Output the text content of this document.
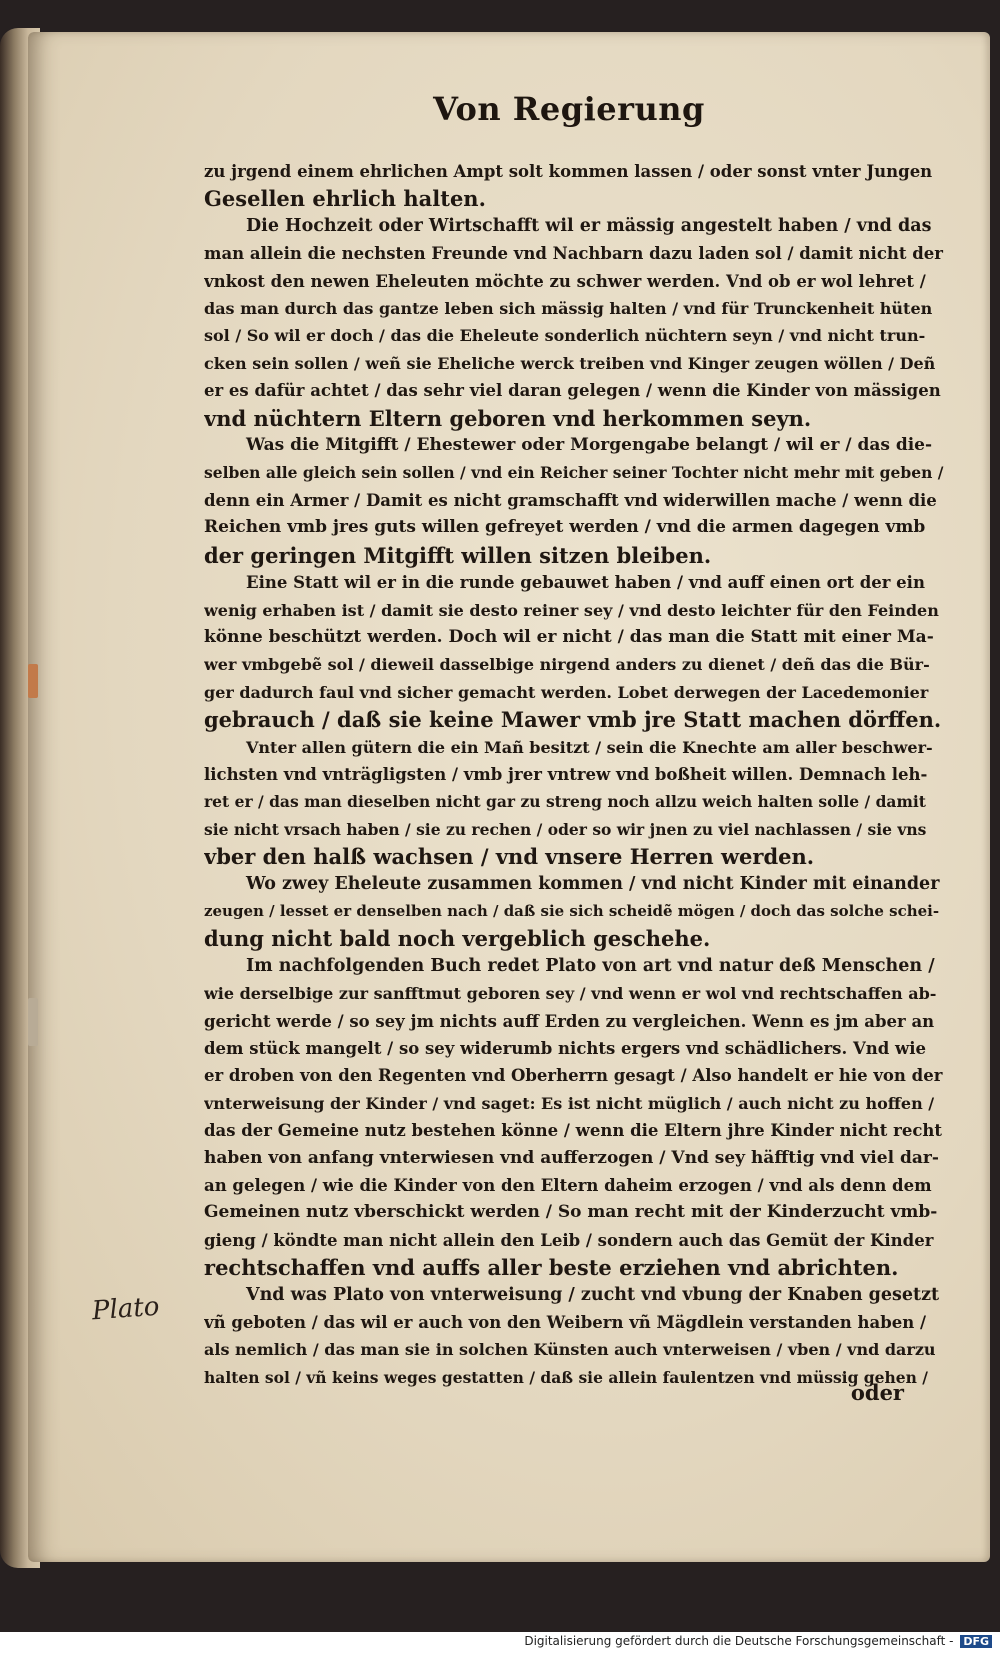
Von Regierung
zu jrgend einem ehrlichen Ampt solt kommen lassen / oder sonst vnter Jungen
Gesellen ehrlich halten.
Die Hochzeit oder Wirtschafft wil er mässig angestelt haben / vnd das
man allein die nechsten Freunde vnd Nachbarn dazu laden sol / damit nicht der
vnkost den newen Eheleuten möchte zu schwer werden. Vnd ob er wol lehret /
das man durch das gantze leben sich mässig halten / vnd für Trunckenheit hüten
sol / So wil er doch / das die Eheleute sonderlich nüchtern seyn / vnd nicht trun-
cken sein sollen / weñ sie Eheliche werck treiben vnd Kinger zeugen wöllen / Deñ
er es dafür achtet / das sehr viel daran gelegen / wenn die Kinder von mässigen
vnd nüchtern Eltern geboren vnd herkommen seyn.
Was die Mitgifft / Ehestewer oder Morgengabe belangt / wil er / das die-
selben alle gleich sein sollen / vnd ein Reicher seiner Tochter nicht mehr mit geben /
denn ein Armer / Damit es nicht gramschafft vnd widerwillen mache / wenn die
Reichen vmb jres guts willen gefreyet werden / vnd die armen dagegen vmb
der geringen Mitgifft willen sitzen bleiben.
Eine Statt wil er in die runde gebauwet haben / vnd auff einen ort der ein
wenig erhaben ist / damit sie desto reiner sey / vnd desto leichter für den Feinden
könne beschützt werden. Doch wil er nicht / das man die Statt mit einer Ma-
wer vmbgebẽ sol / dieweil dasselbige nirgend anders zu dienet / deñ das die Bür-
ger dadurch faul vnd sicher gemacht werden. Lobet derwegen der Lacedemonier
gebrauch / daß sie keine Mawer vmb jre Statt machen dörffen.
Vnter allen gütern die ein Mañ besitzt / sein die Knechte am aller beschwer-
lichsten vnd vnträgligsten / vmb jrer vntrew vnd boßheit willen. Demnach leh-
ret er / das man dieselben nicht gar zu streng noch allzu weich halten solle / damit
sie nicht vrsach haben / sie zu rechen / oder so wir jnen zu viel nachlassen / sie vns
vber den halß wachsen / vnd vnsere Herren werden.
Wo zwey Eheleute zusammen kommen / vnd nicht Kinder mit einander
zeugen / lesset er denselben nach / daß sie sich scheidẽ mögen / doch das solche schei-
dung nicht bald noch vergeblich geschehe.
Im nachfolgenden Buch redet Plato von art vnd natur deß Menschen /
wie derselbige zur sanfftmut geboren sey / vnd wenn er wol vnd rechtschaffen ab-
gericht werde / so sey jm nichts auff Erden zu vergleichen. Wenn es jm aber an
dem stück mangelt / so sey widerumb nichts ergers vnd schädlichers. Vnd wie
er droben von den Regenten vnd Oberherrn gesagt / Also handelt er hie von der
vnterweisung der Kinder / vnd saget: Es ist nicht müglich / auch nicht zu hoffen /
das der Gemeine nutz bestehen könne / wenn die Eltern jhre Kinder nicht recht
haben von anfang vnterwiesen vnd aufferzogen / Vnd sey häfftig vnd viel dar-
an gelegen / wie die Kinder von den Eltern daheim erzogen / vnd als denn dem
Gemeinen nutz vberschickt werden / So man recht mit der Kinderzucht vmb-
gieng / köndte man nicht allein den Leib / sondern auch das Gemüt der Kinder
rechtschaffen vnd auffs aller beste erziehen vnd abrichten.
Vnd was Plato von vnterweisung / zucht vnd vbung der Knaben gesetzt
vñ geboten / das wil er auch von den Weibern vñ Mägdlein verstanden haben /
als nemlich / das man sie in solchen Künsten auch vnterweisen / vben / vnd darzu
halten sol / vñ keins weges gestatten / daß sie allein faulentzen vnd müssig gehen /
Plato
oder
Digitalisierung gefördert durch die Deutsche Forschungsgemeinschaft - DFG
